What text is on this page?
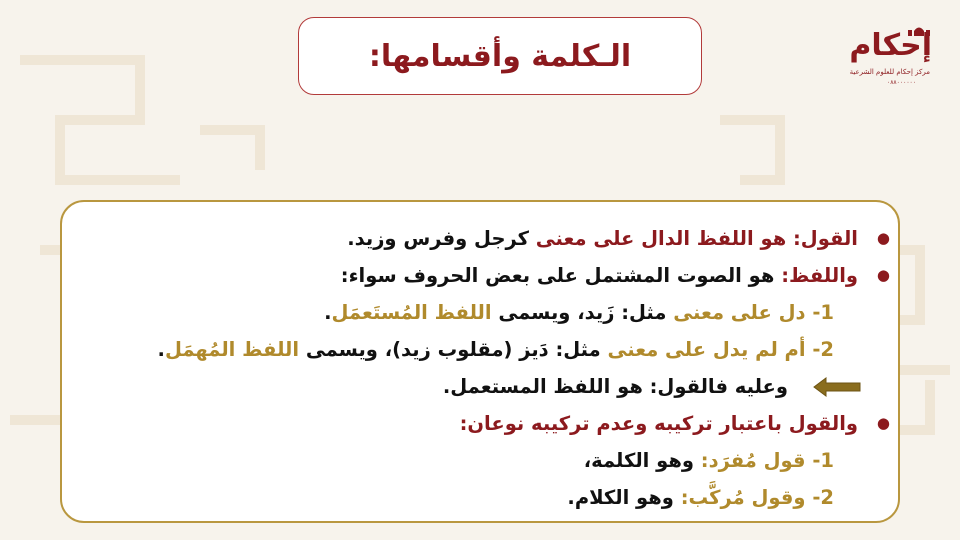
الـكلمة وأقسامها:	إحكام
مركز إحكام للعلوم الشرعية
٠٨٨٠٠٠٠٠٠
●
القول: هو اللفظ الدال على معنى كرجل وفرس وزيد.
●
واللفظ: هو الصوت المشتمل على بعض الحروف سواء:
1- دل على معنى مثل: زَيد، ويسمى اللفظ المُستَعمَل.
2- أم لم يدل على معنى مثل: دَيز (مقلوب زيد)، ويسمى اللفظ المُهمَل.
وعليه فالقول: هو اللفظ المستعمل.
●
والقول باعتبار تركيبه وعدم تركيبه نوعان:
1- قول مُفرَد: وهو الكلمة،
2- وقول مُركَّب: وهو الكلام.
